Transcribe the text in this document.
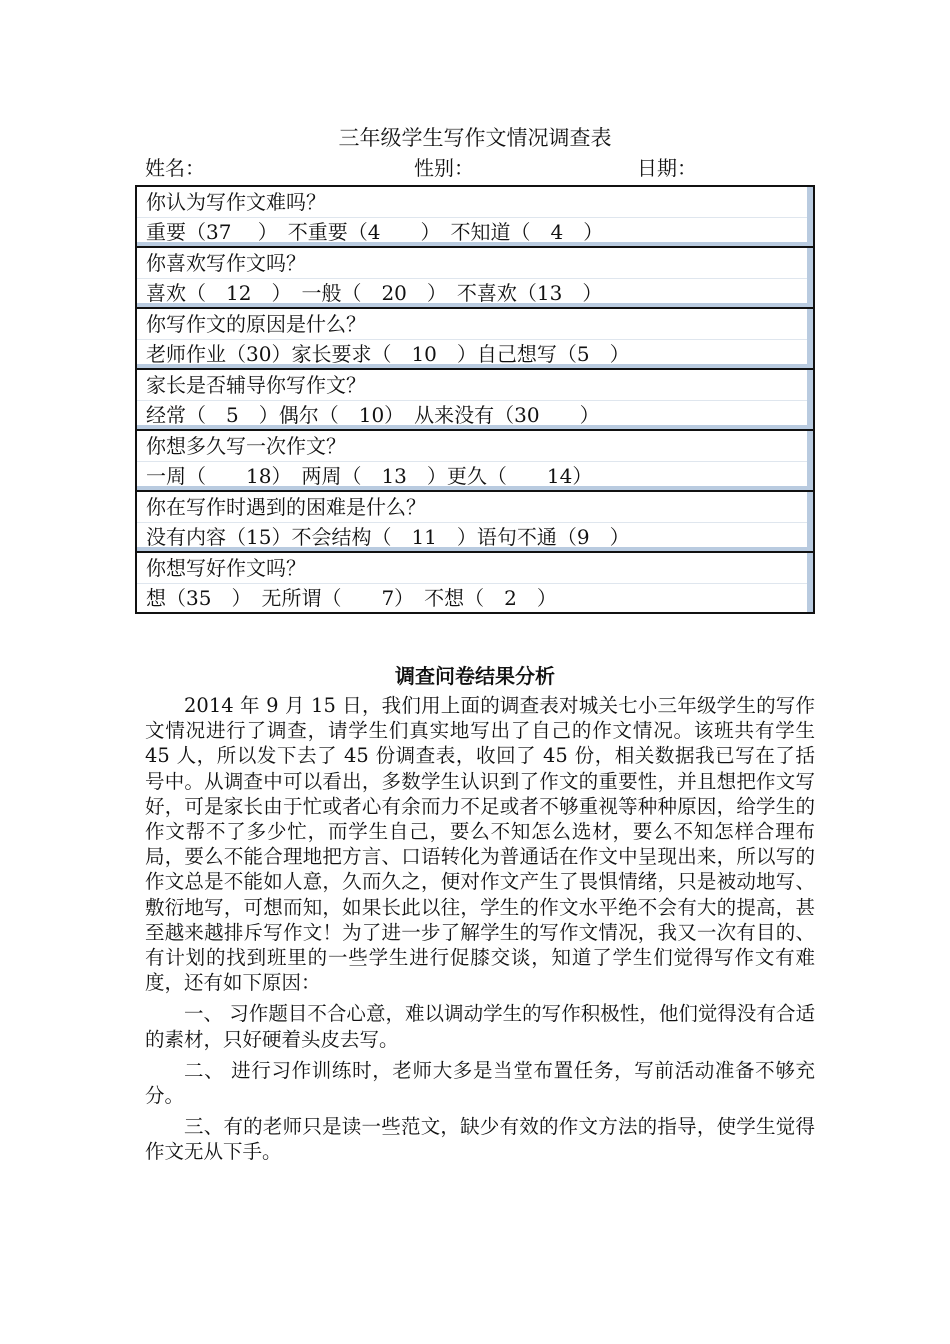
三年级学生写作文情况调查表
姓名：	性别：	日期：
你认为写作文难吗？
重要（37　 ）　不重要（4　　）　不知道（　4　）
你喜欢写作文吗？
喜欢（　12　）　一般（　20　）　不喜欢（13　）
你写作文的原因是什么？
老师作业（30）家长要求（　10　）自己想写（5　）
家长是否辅导你写作文？
经常（　5　）偶尔（　10）　从来没有（30　　）
你想多久写一次作文？
一周（　　18）　两周（　13　）更久（　　14）
你在写作时遇到的困难是什么？
没有内容（15）不会结构（　11　）语句不通（9　）
你想写好作文吗？
想（35　）　无所谓（　　7）　不想（　2　）
调查问卷结果分析

2014 年 9 月 15 日，我们用上面的调查表对城关七小三年级学生的写作文情况进行了调查，请学生们真实地写出了自己的作文情况。该班共有学生 45 人，所以发下去了 45 份调查表，收回了 45 份，相关数据我已写在了括号中。从调查中可以看出，多数学生认识到了作文的重要性，并且想把作文写好，可是家长由于忙或者心有余而力不足或者不够重视等种种原因，给学生的作文帮不了多少忙，而学生自己，要么不知怎么选材，要么不知怎样合理布局，要么不能合理地把方言、口语转化为普通话在作文中呈现出来，所以写的作文总是不能如人意，久而久之，便对作文产生了畏惧情绪，只是被动地写、敷衍地写，可想而知，如果长此以往，学生的作文水平绝不会有大的提高，甚至越来越排斥写作文！为了进一步了解学生的写作文情况，我又一次有目的、有计划的找到班里的一些学生进行促膝交谈，知道了学生们觉得写作文有难度，还有如下原因：

一、 习作题目不合心意，难以调动学生的写作积极性，他们觉得没有合适的素材，只好硬着头皮去写。

二、 进行习作训练时，老师大多是当堂布置任务，写前活动准备不够充分。

三、有的老师只是读一些范文，缺少有效的作文方法的指导，使学生觉得作文无从下手。
